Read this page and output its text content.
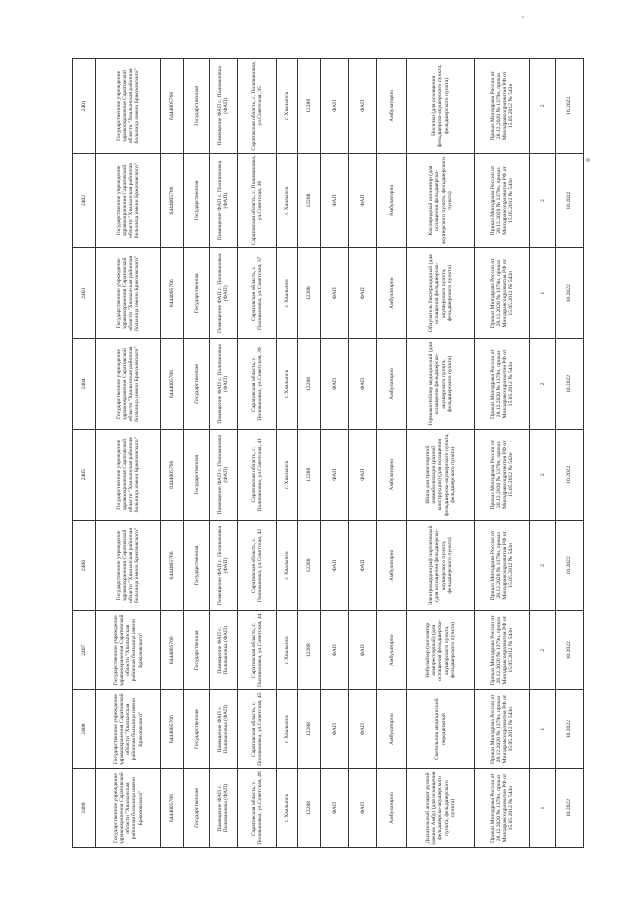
2409	2408	2407	2406	2405	2404	2403	2402	2401
Государственное учреждение здравоохранения Саратовской области "Хвалынская районная больница имени Бржозовского"	Государственное учреждение здравоохранения Саратовской области "Хвалынская районная больница имени Бржозовского"	Государственное учреждение здравоохранения Саратовской области "Хвалынская районная больница имени Бржозовского"	Государственное учреждение здравоохранения Саратовской области "Хвалынская районная больница имени Бржозовского"	Государственное учреждение здравоохранения Саратовской области "Хвалынская районная больница имени Бржозовского"	Государственное учреждение здравоохранения Саратовской области "Хвалынская районная больница имени Бржозовского"	Государственное учреждение здравоохранения Саратовской области "Хвалынская районная больница имени Бржозовского"	Государственное учреждение здравоохранения Саратовской области "Хвалынская районная больница имени Бржозовского"	Государственное учреждение здравоохранения Саратовской области "Хвалынская районная больница имени Бржозовского"
6444005766	6444005766	6444005766	6444005766	6444005766	6444005766	6444005766	6444005766	6444005766
Государственная	Государственная	Государственная	Государственная	Государственная	Государственная	Государственная	Государственная	Государственная
Помещение ФАП с. Поливановка (ФАП)	Помещение ФАП с. Поливановка (ФАП)	Помещение ФАП с. Поливановка (ФАП)	Помещение ФАП с. Поливановка (ФАП)	Помещение ФАП с. Поливановка (ФАП)	Помещение ФАП с. Поливановка (ФАП)	Помещение ФАП с. Поливановка (ФАП)	Помещение ФАП с. Поливановка (ФАП)	Помещение ФАП с. Поливановка (ФАП)
Саратовская область, с. Поливановка, ул.Советская, 46	Саратовская область, с. Поливановка, ул.Советская, 45	Саратовская область, с. Поливановка, ул.Советская, 44	Саратовская область, с. Поливановка, ул.Советская, 42	Саратовская область, с. Поливановка, ул.Советская, 41	Саратовская область, с. Поливановка, ул.Советская, 39	Саратовская область, с. Поливановка, ул.Советская, 37	Саратовская область, с. Поливановка, ул.Советская, 36	Саратовская область, с. Поливановка, ул.Советская, 35
г. Хвалынск	г. Хвалынск	г. Хвалынск	г. Хвалынск	г. Хвалынск	г. Хвалынск	г. Хвалынск	г. Хвалынск	г. Хвалынск
12288	12288	12288	12288	12288	12288	12288	12288	12288
ФАП	ФАП	ФАП	ФАП	ФАП	ФАП	ФАП	ФАП	ФАП
ФАП	ФАП	ФАП	ФАП	ФАП	ФАП	ФАП	ФАП	ФАП
Амбулаторно	Амбулаторно	Амбулаторно	Амбулаторно	Амбулаторно	Амбулаторно	Амбулаторно	Амбулаторно	Амбулаторно
Дыхательный аппарат ручной (мешок Амбу) (для оснащения фельдшерско-акушерского пункта, фельдшерского пункта)	Светильник медицинский передвижной	Небулайзер (ингалятор компрессорный) (для оснащения фельдшерско-акушерского пункта, фельдшерского пункта)	Электрокардиограф портативный (для оснащения фельдшерско-акушерского пункта, фельдшерского пункта)	Шина для транспортной иммобилизации (разной конструкции) (для оснащения фельдшерско-акушерского пункта, фельдшерского пункта)	Термоконтейнер медицинский (для оснащения фельдшерско-акушерского пункта, фельдшерского пункта)	Облучатель бактерицидный (для оснащения фельдшерско-акушерского пункта, фельдшерского пункта)	Кислородный ингалятор (для оснащения фельдшерско-акушерского пункта, фельдшерского пункта)	Носилки (для оснащения фельдшерско-акушерского пункта, фельдшерского пункта)
Приказ Минздрава России от 28.12.2020 № 1379н, приказ Минздравсоцразвития РФ от 15.05.2012 № 543н	Приказ Минздрава России от 28.12.2020 № 1379н, приказ Минздравсоцразвития РФ от 15.05.2012 № 543н	Приказ Минздрава России от 28.12.2020 № 1379н, приказ Минздравсоцразвития РФ от 15.05.2012 № 543н	Приказ Минздрава России от 28.12.2020 № 1379н, приказ Минздравсоцразвития РФ от 15.05.2012 № 543н	Приказ Минздрава России от 28.12.2020 № 1379н, приказ Минздравсоцразвития РФ от 15.05.2012 № 543н	Приказ Минздрава России от 28.12.2020 № 1379н, приказ Минздравсоцразвития РФ от 15.05.2012 № 543н	Приказ Минздрава России от 28.12.2020 № 1379н, приказ Минздравсоцразвития РФ от 15.05.2012 № 543н	Приказ Минздрава России от 28.12.2020 № 1379н, приказ Минздравсоцразвития РФ от 15.05.2012 № 543н	Приказ Минздрава России от 28.12.2020 № 1379н, приказ Минздравсоцразвития РФ от 15.05.2012 № 543н
1	1	2	2	2	2	1	2	2
10.2022	10.2022	10.2022	10.2022	10.2022	10.2022	10.2022	10.2022	10.2022
